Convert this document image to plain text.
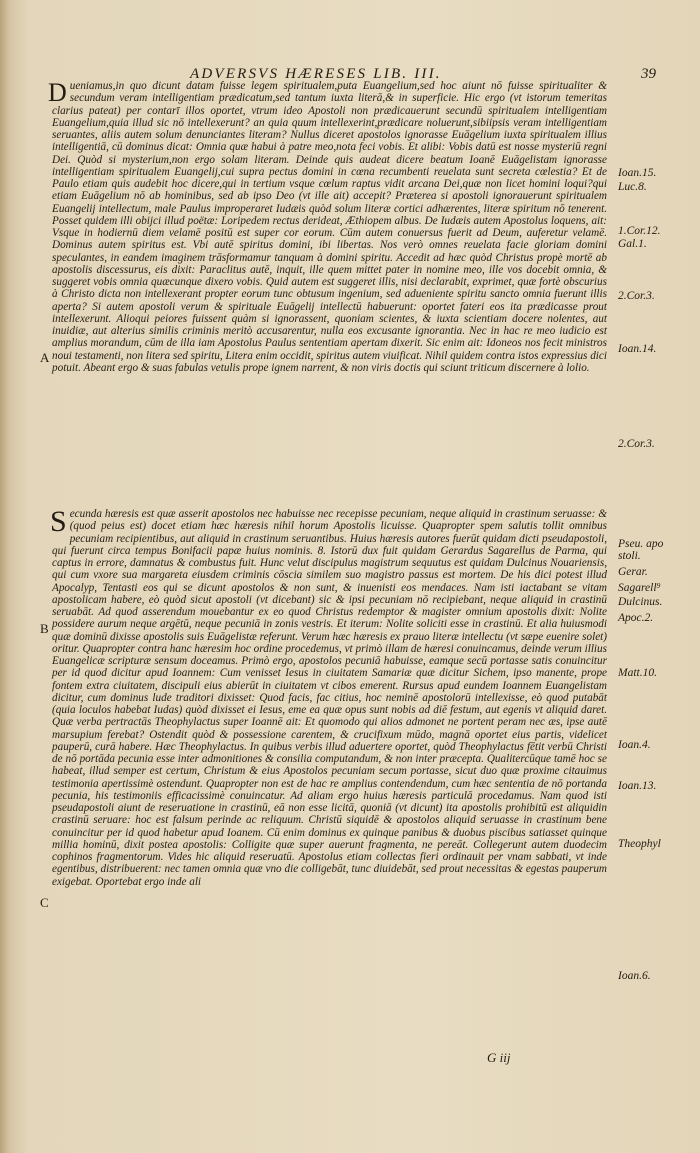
ADVERSVS HÆRESES LIB. III.	39

Dueniamus,in quo dicunt datam fuisse legem spiritualem,puta Euangelium,sed hoc aiunt nō fuisse spiritualiter & secundum veram intelligentiam prædicatum,sed tantum iuxta literā,& in superficie. Hic ergo (vt istorum temeritas clarius pateat) per contarī illos oportet, vtrum ideo Apostoli non prædicauerunt secundū spiritualem intelligentiam Euangelium,quia illud sic nō intellexerunt? an quia quum intellexerint,prædicare noluerunt,sibiipsis veram intelligentiam seruantes, aliis autem solum denunciantes literam? Nullus diceret apostolos ignorasse Euāgelium iuxta spiritualem illius intelligentiā, cū dominus dicat: Omnia quæ habui à patre meo,nota feci vobis. Et alibi: Vobis datū est nosse mysteriū regni Dei. Quòd si mysterium,non ergo solam literam. Deinde quis audeat dicere beatum Ioanē Euāgelistam ignorasse intelligentiam spiritualem Euangelij,cui supra pectus domini in cœna recumbenti reuelata sunt secreta cœlestia? Et de Paulo etiam quis audebit hoc dicere,qui in tertium vsque cœlum raptus vidit arcana Dei,quæ non licet homini loqui?qui etiam Euāgelium nō ab hominibus, sed ab ipso Deo (vt ille ait) accepit? Præterea si apostoli ignorauerunt spiritualem Euangelij intellectum, male Paulus improperaret Iudæis quòd solum literæ cortici adhærentes, literæ spiritum nō tenerent. Posset quidem illi obijci illud poëtæ: Loripedem rectus derideat, Æthiopem albus. De Iudæis autem Apostolus loquens, ait: Vsque in hodiernū diem velamē positū est super cor eorum. Cūm autem conuersus fuerit ad Deum, auferetur velamē. Dominus autem spiritus est. Vbi autē spiritus domini, ibi libertas. Nos verò omnes reuelata facie gloriam domini speculantes, in eandem imaginem trāsformamur tanquam à domini spiritu. Accedit ad hæc quòd Christus propè mortē ab apostolis discessurus, eis dixit: Paraclitus autē, inquit, ille quem mittet pater in nomine meo, ille vos docebit omnia, & suggeret vobis omnia quæcunque dixero vobis. Quid autem est suggeret illis, nisi declarabit, exprimet, quæ fortè obscurius à Christo dicta non intellexerant propter eorum tunc obtusum ingenium, sed adueniente spiritu sancto omnia fuerunt illis aperta? Si autem apostoli verum & spirituale Euāgelij intellectū habuerunt: oportet fateri eos ita prædicasse prout intellexerunt. Alioqui peiores fuissent quàm si ignorassent, quoniam scientes, & iuxta scientiam docere nolentes, aut inuidiæ, aut alterius similis criminis meritò accusarentur, nulla eos excusante ignorantia. Nec in hac re meo iudicio est amplius morandum, cūm de illa iam Apostolus Paulus sententiam apertam dixerit. Sic enim ait: Idoneos nos fecit ministros noui testamenti, non litera sed spiritu, Litera enim occidit, spiritus autem viuificat. Nihil quidem contra istos expressius dici potuit. Abeant ergo & suas fabulas vetulis prope ignem narrent, & non viris doctis qui sciunt triticum discernere à lolio.

Secunda hæresis est quæ asserit apostolos nec habuisse nec recepisse pecuniam, neque aliquid in crastinum seruasse: & (quod peius est) docet etiam hæc hæresis nihil horum Apostolis licuisse. Quapropter spem salutis tollit omnibus pecuniam recipientibus, aut aliquid in crastinum seruantibus. Huius hæresis autores fuerūt quidam dicti pseudapostoli, qui fuerunt circa tempus Bonifacii papæ huius nominis. 8. Istorū dux fuit quidam Gerardus Sagarellus de Parma, qui captus in errore, damnatus & combustus fuit. Hunc velut discipulus magistrum sequutus est quidam Dulcinus Nouariensis, qui cum vxore sua margareta eiusdem criminis cōscia similem suo magistro passus est mortem. De his dici potest illud Apocalyp, Tentasti eos qui se dicunt apostolos & non sunt, & inuenisti eos mendaces. Nam isti iactabant se vitam apostolicam habere, eò quòd sicut apostoli (vt dicebant) sic & ipsi pecuniam nō recipiebant, neque aliquid in crastinū seruabāt. Ad quod asserendum mouebantur ex eo quod Christus redemptor & magister omnium apostolis dixit: Nolite possidere aurum neque argētū, neque pecuniā in zonis vestris. Et iterum: Nolite soliciti esse in crastinū. Et alia huiusmodi quæ dominū dixisse apostolis suis Euāgelistæ referunt. Verum hæc hæresis ex prauo literæ intellectu (vt sæpe euenire solet) oritur. Quapropter contra hanc hæresim hoc ordine procedemus, vt primò illam de hæresi conuincamus, deinde verum illius Euangelicæ scripturæ sensum doceamus. Primò ergo, apostolos pecuniā habuisse, eamque secū portasse satis conuincitur per id quod dicitur apud Ioannem: Cum venisset Iesus in ciuitatem Samariæ quæ dicitur Sichem, ipso manente, prope fontem extra ciuitatem, discipuli eius abierūt in ciuitatem vt cibos emerent. Rursus apud eundem Ioannem Euangelistam dicitur, cum dominus lude traditori dixisset: Quod facis, fac citius, hoc neminē apostolorū intellexisse, eò quod putabāt (quia loculos habebat Iudas) quòd dixisset ei Iesus, eme ea quæ opus sunt nobis ad diē festum, aut egenis vt aliquid daret. Quæ verba pertractās Theophylactus super Ioannē ait: Et quomodo qui alios admonet ne portent peram nec æs, ipse autē marsupium ferebat? Ostendit quòd & possessione carentem, & crucifixum mūdo, magnā oportet eius partis, videlicet pauperū, curā habere. Hæc Theophylactus. In quibus verbis illud aduertere oportet, quòd Theophylactus fētit verbū Christi de nō portāda pecunia esse inter admonitiones & consilia computandum, & non inter præcepta. Qualitercūque tamē hoc se habeat, illud semper est certum, Christum & eius Apostolos pecuniam secum portasse, sicut duo quæ proxime citauimus testimonia apertissimè ostendunt. Quapropter non est de hac re amplius contendendum, cum hæc sententia de nō portanda pecunia, his testimoniis efficacissimè conuincatur. Ad aliam ergo huius hæresis particulā procedamus. Nam quod isti pseudapostoli aiunt de reseruatione in crastinū, eā non esse licitā, quoniā (vt dicunt) ita apostolis prohibitū est aliquidin crastinū seruare: hoc est falsum perinde ac reliquum. Christū siquidē & apostolos aliquid seruasse in crastinum bene conuincitur per id quod habetur apud Ioanem. Cū enim dominus ex quinque panibus & duobus piscibus satiasset quinque millia hominū, dixit postea apostolis: Colligite quæ super auerunt fragmenta, ne pereāt. Collegerunt autem duodecim cophinos fragmentorum. Vides hic aliquid reseruatū. Apostolus etiam collectas fieri ordinauit per vnam sabbati, vt inde egentibus, distribuerent: nec tamen omnia quæ vno die colligebāt, tunc diuidebāt, sed prout necessitas & egestas pauperum exigebat. Oportebat ergo inde ali

A
B
C
Ioan.15.
Luc.8.
1.Cor.12.
Gal.1.
2.Cor.3.
Ioan.14.
2.Cor.3.
Pseu. apo
stoli.
Gerar.
Sagarell⁹
Dulcinus.
Apoc.2.
Matt.10.
Ioan.4.
Ioan.13.
Theophyl
Ioan.6.
G iij
